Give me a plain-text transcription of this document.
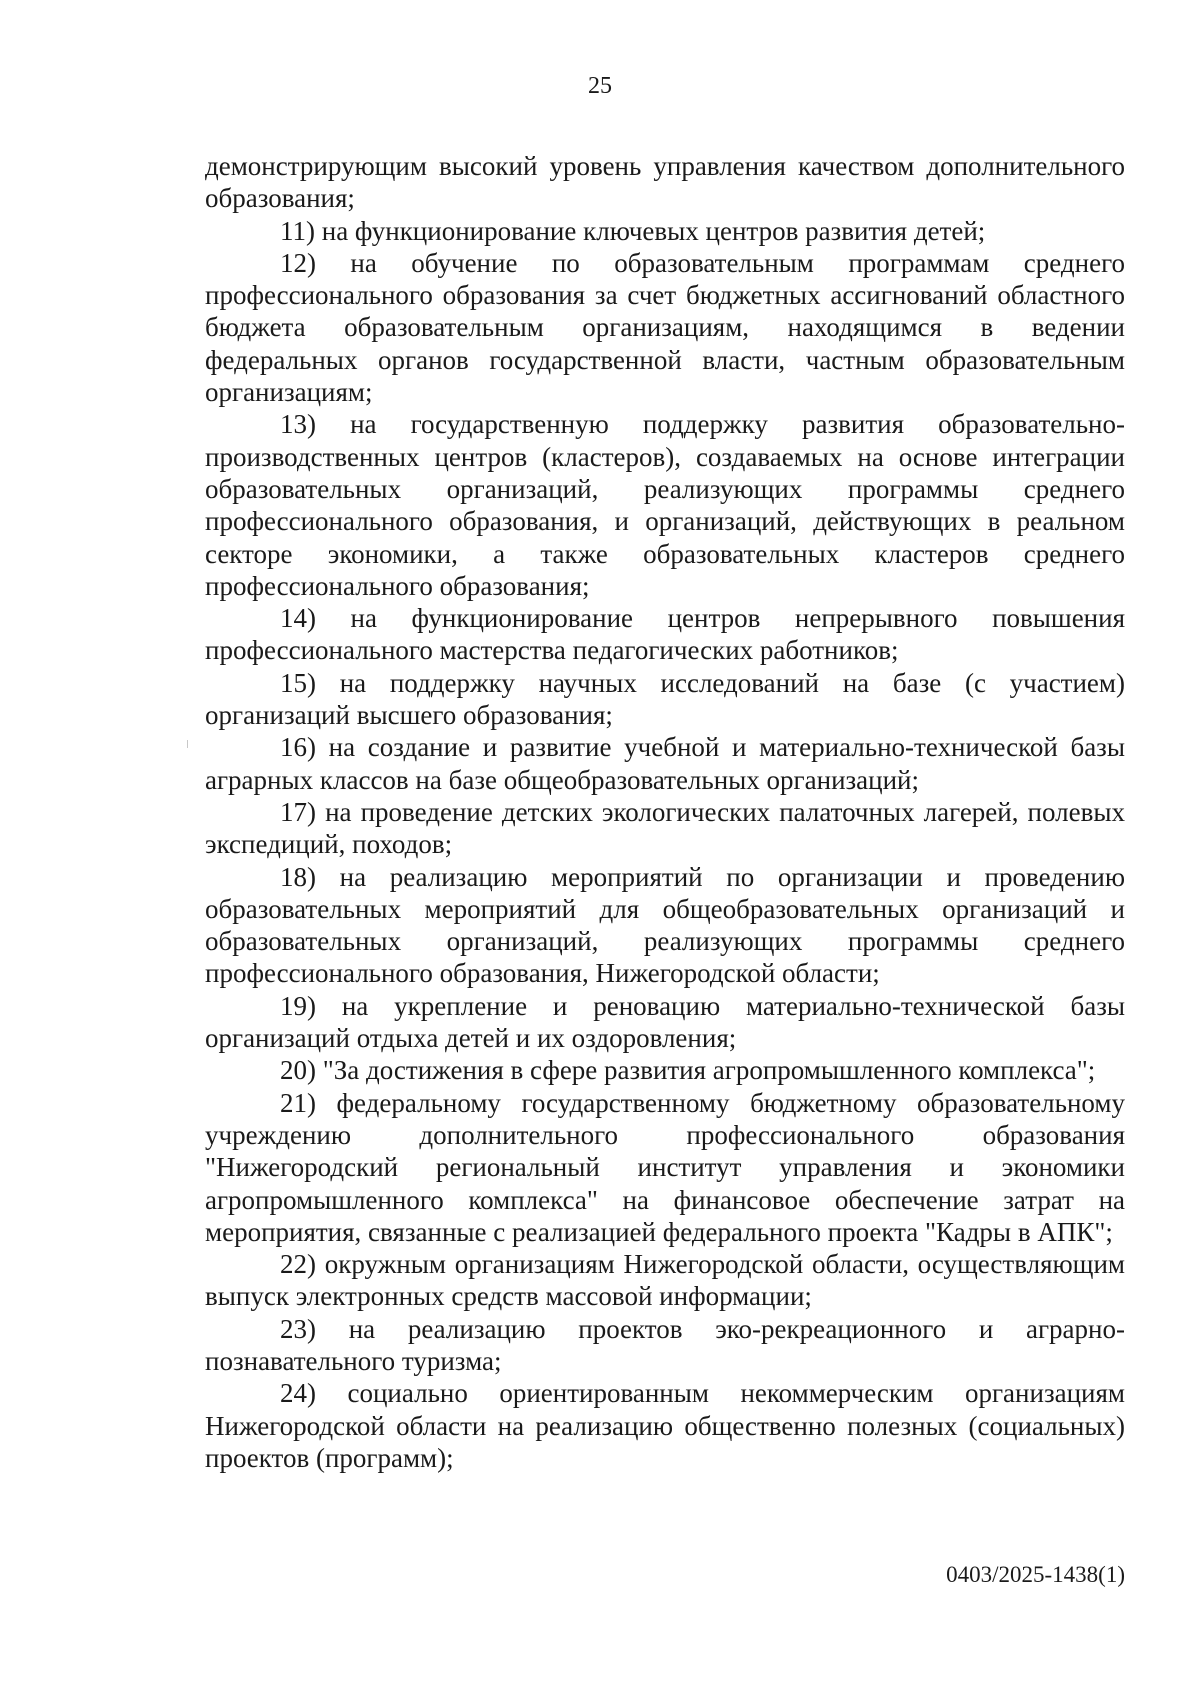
25

демонстрирующим высокий уровень управления качеством дополнительного образования;

11) на функционирование ключевых центров развития детей;

12) на обучение по образовательным программам среднего профессионального образования за счет бюджетных ассигнований областного бюджета образовательным организациям, находящимся в ведении федеральных органов государственной власти, частным образовательным организациям;

13) на государственную поддержку развития образовательно-производственных центров (кластеров), создаваемых на основе интеграции образовательных организаций, реализующих программы среднего профессионального образования, и организаций, действующих в реальном секторе экономики, а также образовательных кластеров среднего профессионального образования;

14) на функционирование центров непрерывного повышения профессионального мастерства педагогических работников;

15) на поддержку научных исследований на базе (с участием) организаций высшего образования;

16) на создание и развитие учебной и материально-технической базы аграрных классов на базе общеобразовательных организаций;

17) на проведение детских экологических палаточных лагерей, полевых экспедиций, походов;

18) на реализацию мероприятий по организации и проведению образовательных мероприятий для общеобразовательных организаций и образовательных организаций, реализующих программы среднего профессионального образования, Нижегородской области;

19) на укрепление и реновацию материально-технической базы организаций отдыха детей и их оздоровления;

20) "За достижения в сфере развития агропромышленного комплекса";

21) федеральному государственному бюджетному образовательному учреждению дополнительного профессионального образования "Нижегородский региональный институт управления и экономики агропромышленного комплекса" на финансовое обеспечение затрат на мероприятия, связанные с реализацией федерального проекта "Кадры в АПК";

22) окружным организациям Нижегородской области, осуществляющим выпуск электронных средств массовой информации;

23) на реализацию проектов эко-рекреационного и аграрно-познавательного туризма;

24) социально ориентированным некоммерческим организациям Нижегородской области на реализацию общественно полезных (социальных) проектов (программ);

0403/2025-1438(1)
